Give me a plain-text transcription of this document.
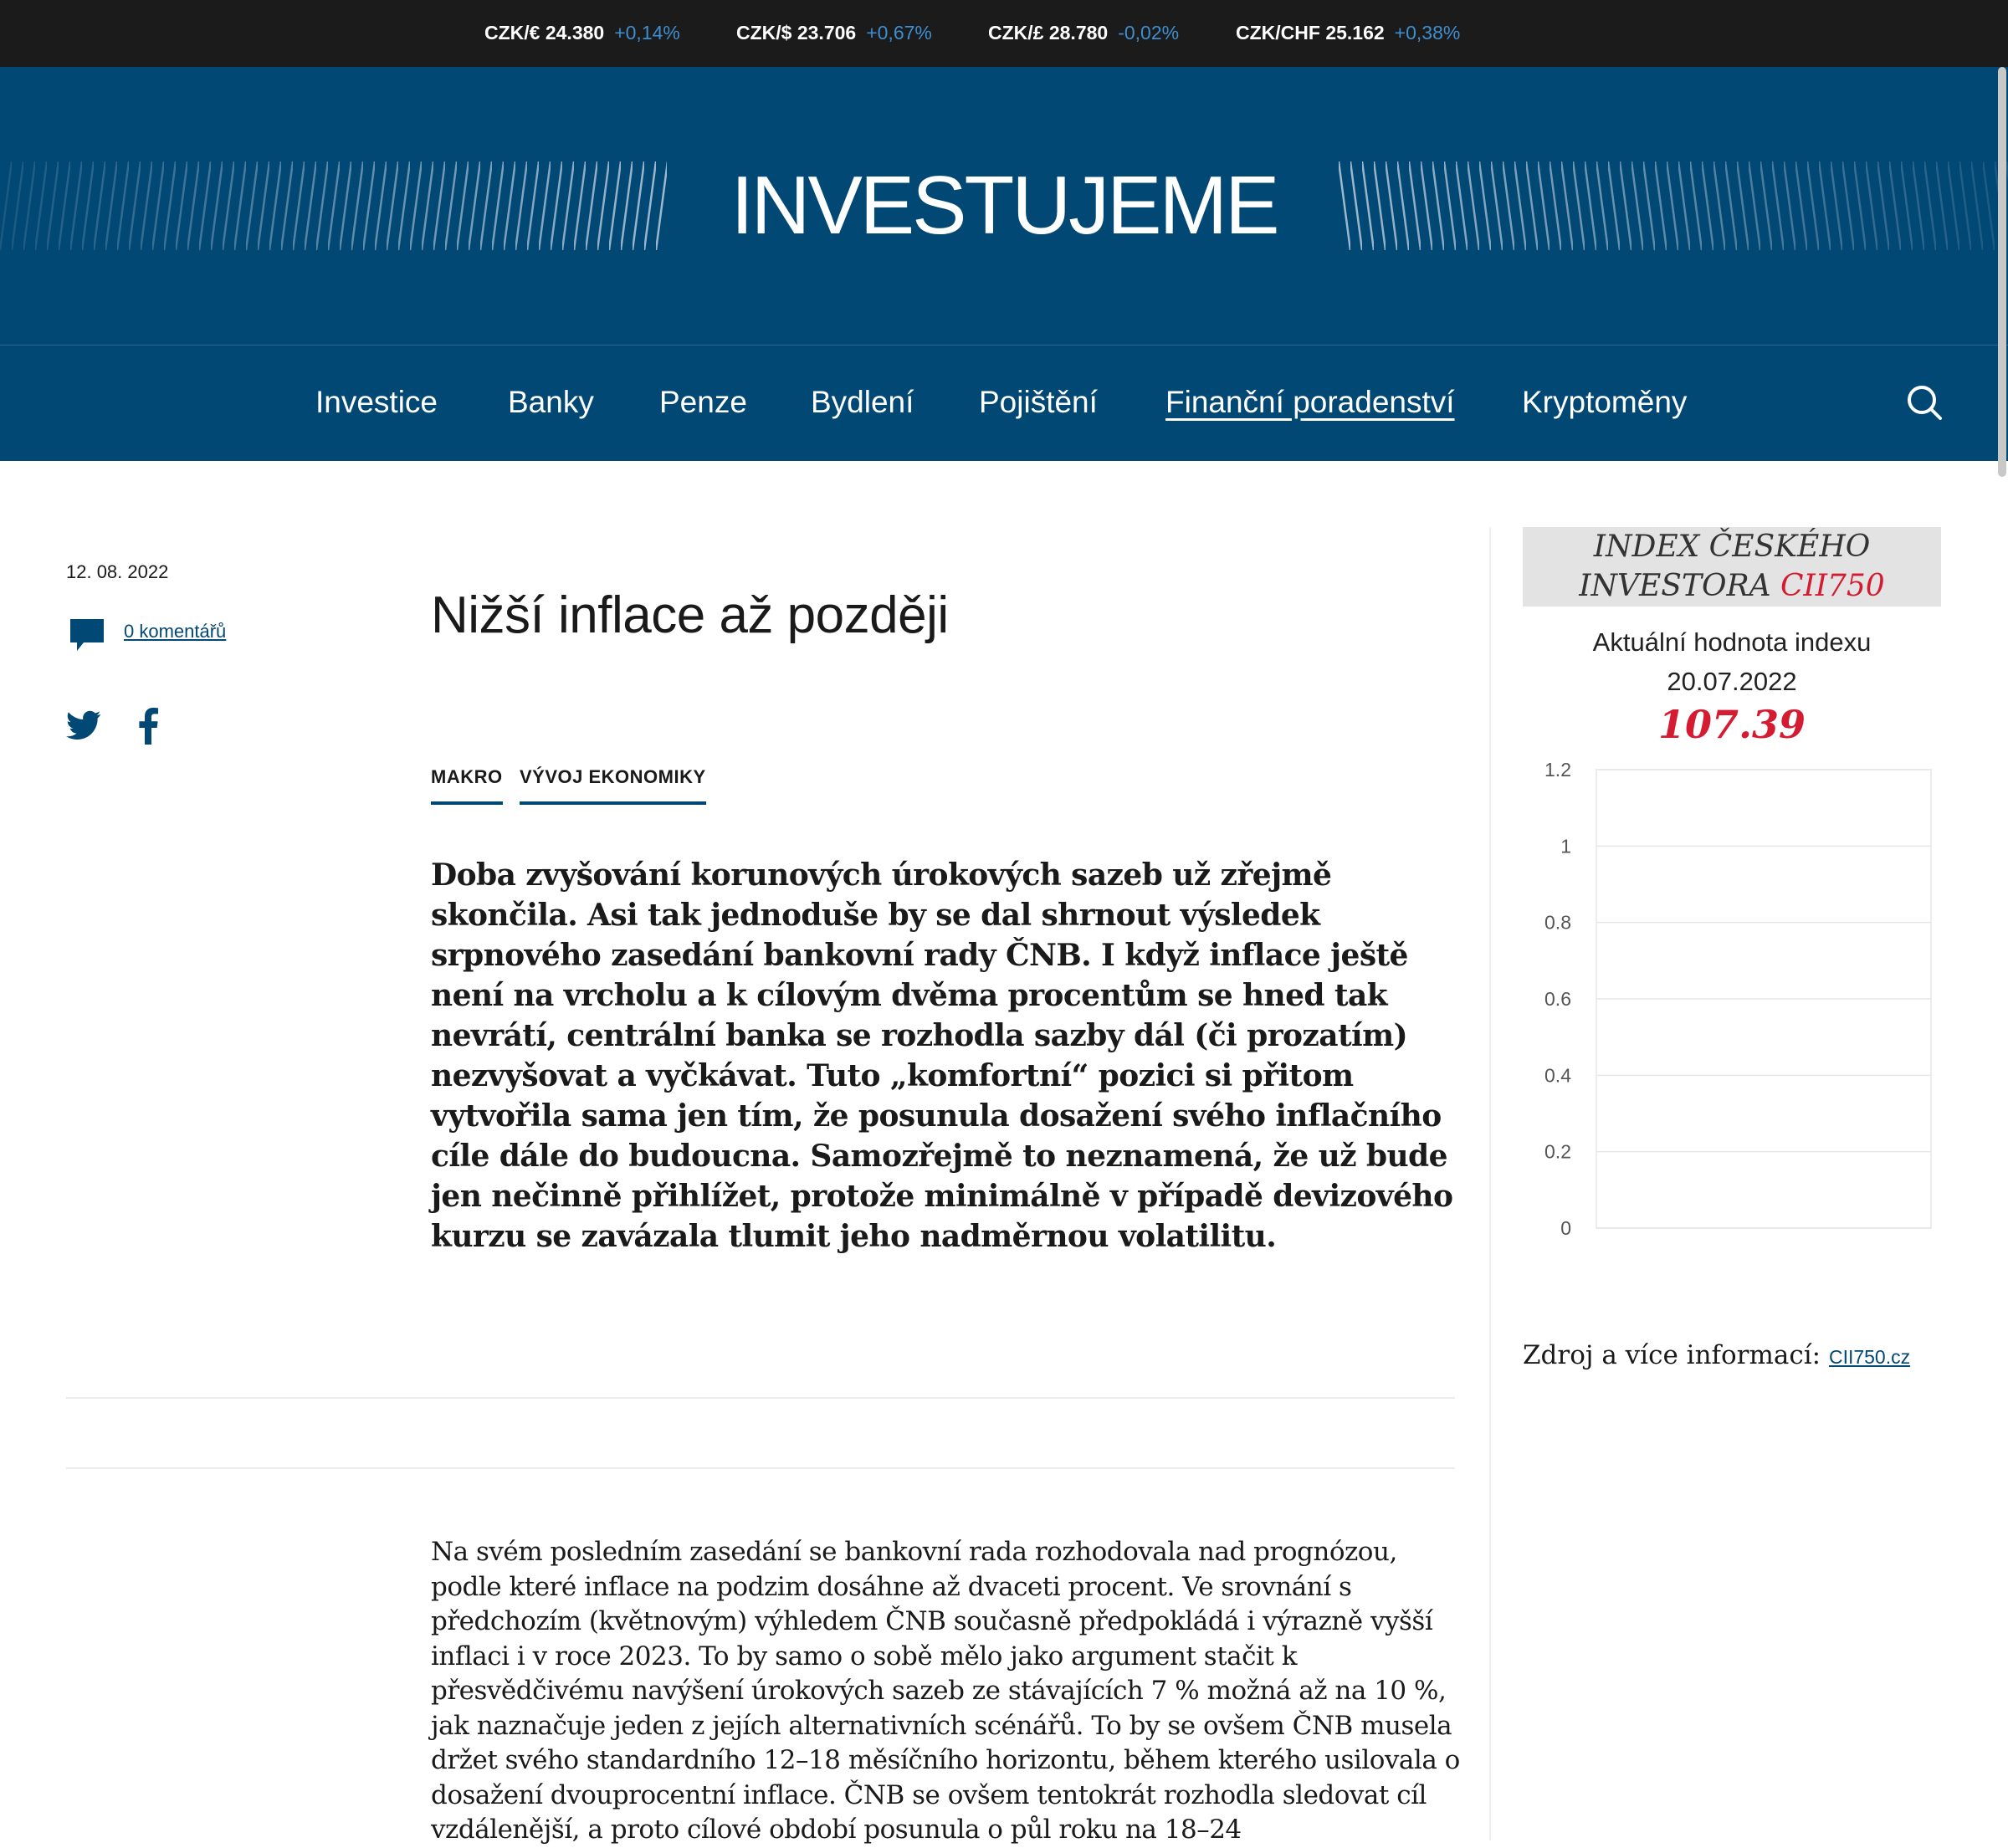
CZK/€ 24.380 +0,14%	CZK/$ 23.706 +0,67%	CZK/£ 28.780 -0,02%	CZK/CHF 25.162 +0,38%
INVESTUJEME
Investice Banky Penze Bydlení Pojištění Finanční poradenství Kryptoměny
12. 08. 2022
0 komentářů	Nižší inflace až později
MAKRO VÝVOJ EKONOMIKY

Doba zvyšování korunových úrokových sazeb už zřejmě skončila. Asi tak jednoduše by se dal shrnout výsledek srpnového zasedání bankovní rady ČNB. I když inflace ještě není na vrcholu a k cílovým dvěma procentům se hned tak nevrátí, centrální banka se rozhodla sazby dál (či prozatím) nezvyšovat a vyčkávat. Tuto „komfortní“ pozici si přitom vytvořila sama jen tím, že posunula dosažení svého inflačního cíle dále do budoucna. Samozřejmě to neznamená, že už bude jen nečinně přihlížet, protože minimálně v případě devizového kurzu se zavázala tlumit jeho nadměrnou volatilitu.

Na svém posledním zasedání se bankovní rada rozhodovala nad prognózou, podle které inflace na podzim dosáhne až dvaceti procent. Ve srovnání s předchozím (květnovým) výhledem ČNB současně předpokládá i výrazně vyšší inflaci i v roce 2023. To by samo o sobě mělo jako argument stačit k přesvědčivému navýšení úrokových sazeb ze stávajících 7 % možná až na 10 %, jak naznačuje jeden z jejích alternativních scénářů. To by se ovšem ČNB musela držet svého standardního 12–18 měsíčního horizontu, během kterého usilovala o dosažení dvouprocentní inflace. ČNB se ovšem tentokrát rozhodla sledovat cíl vzdálenější, a proto cílové období posunula o půl roku na 18–24

INDEX ČESKÉHO
INVESTORA CII750
Aktuální hodnota indexu
20.07.2022
107.39
1.2
1
0.8
0.6
0.4
0.2
0
Zdroj a více informací: CII750.cz
